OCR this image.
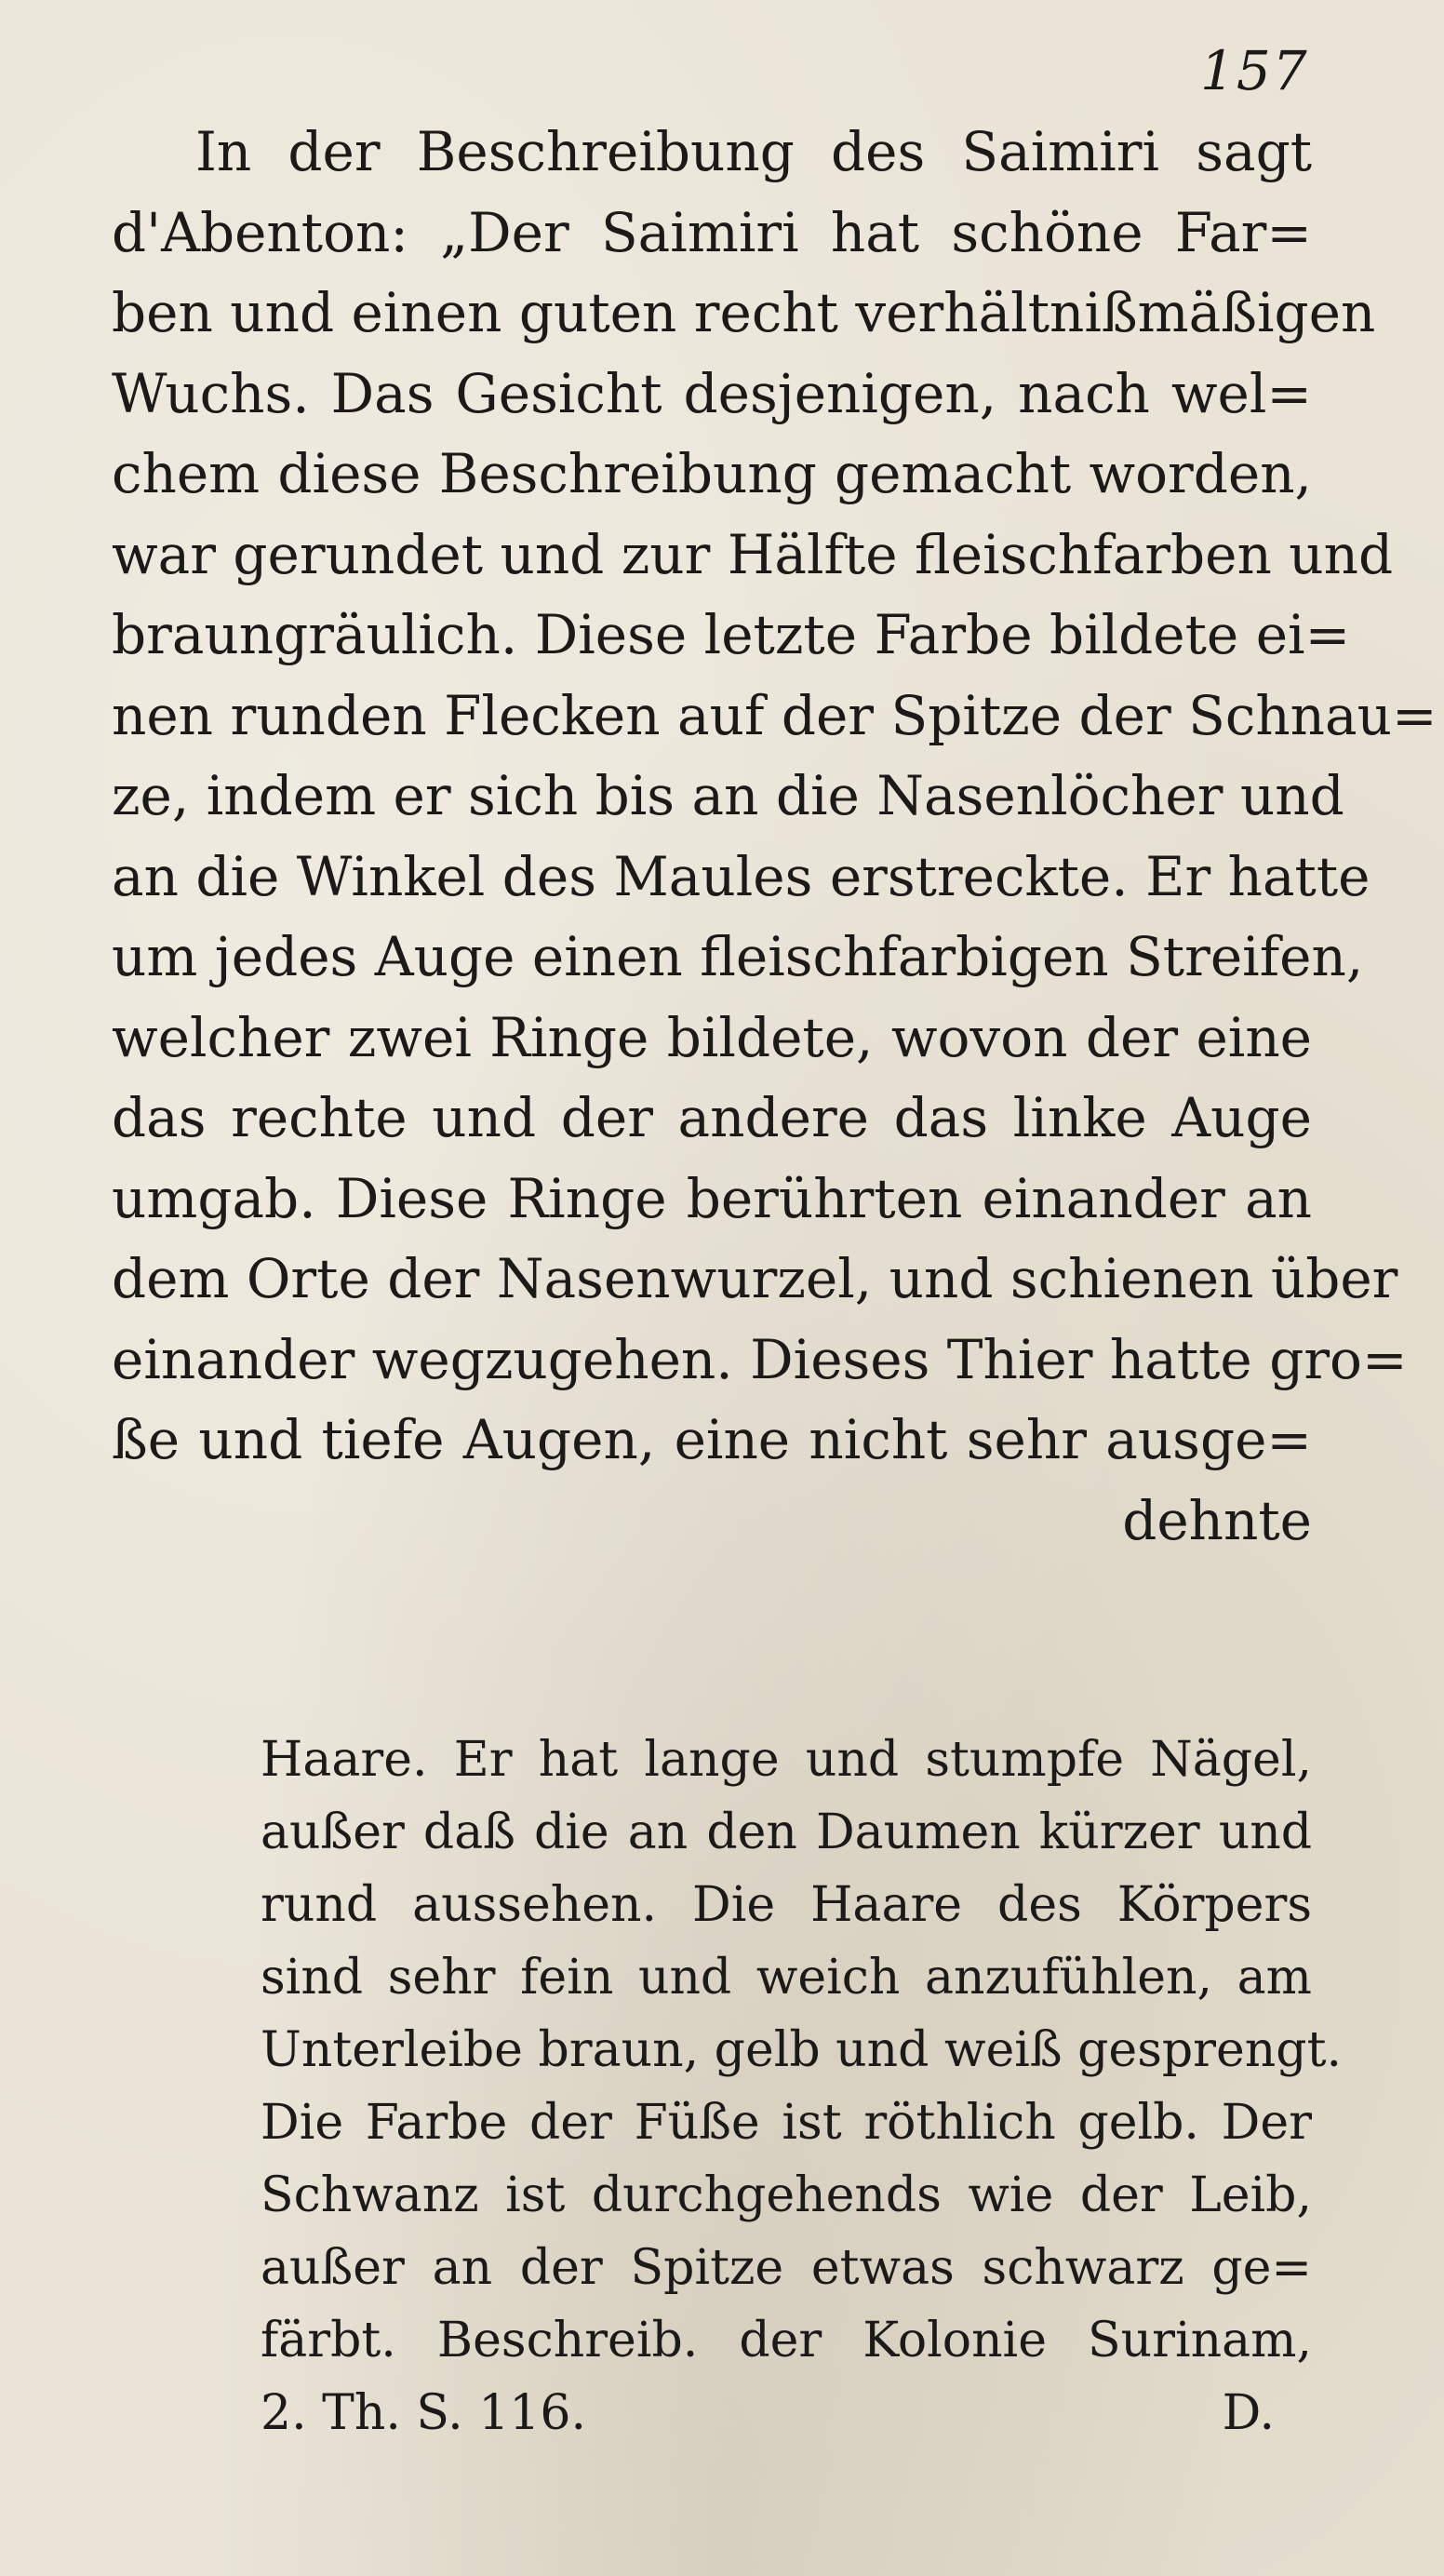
157
In der Beschreibung des Saimiri sagt
d'Abenton: „Der Saimiri hat schöne Far=
ben und einen guten recht verhältnißmäßigen
Wuchs. Das Gesicht desjenigen, nach wel=
chem diese Beschreibung gemacht worden,
war gerundet und zur Hälfte fleischfarben und
braungräulich. Diese letzte Farbe bildete ei=
nen runden Flecken auf der Spitze der Schnau=
ze, indem er sich bis an die Nasenlöcher und
an die Winkel des Maules erstreckte. Er hatte
um jedes Auge einen fleischfarbigen Streifen,
welcher zwei Ringe bildete, wovon der eine
das rechte und der andere das linke Auge
umgab. Diese Ringe berührten einander an
dem Orte der Nasenwurzel, und schienen über
einander wegzugehen. Dieses Thier hatte gro=
ße und tiefe Augen, eine nicht sehr ausge=
dehnte
Haare. Er hat lange und stumpfe Nägel,
außer daß die an den Daumen kürzer und
rund aussehen. Die Haare des Körpers
sind sehr fein und weich anzufühlen, am
Unterleibe braun, gelb und weiß gesprengt.
Die Farbe der Füße ist röthlich gelb. Der
Schwanz ist durchgehends wie der Leib,
außer an der Spitze etwas schwarz ge=
färbt. Beschreib. der Kolonie Surinam,
2. Th. S. 116.	D.
